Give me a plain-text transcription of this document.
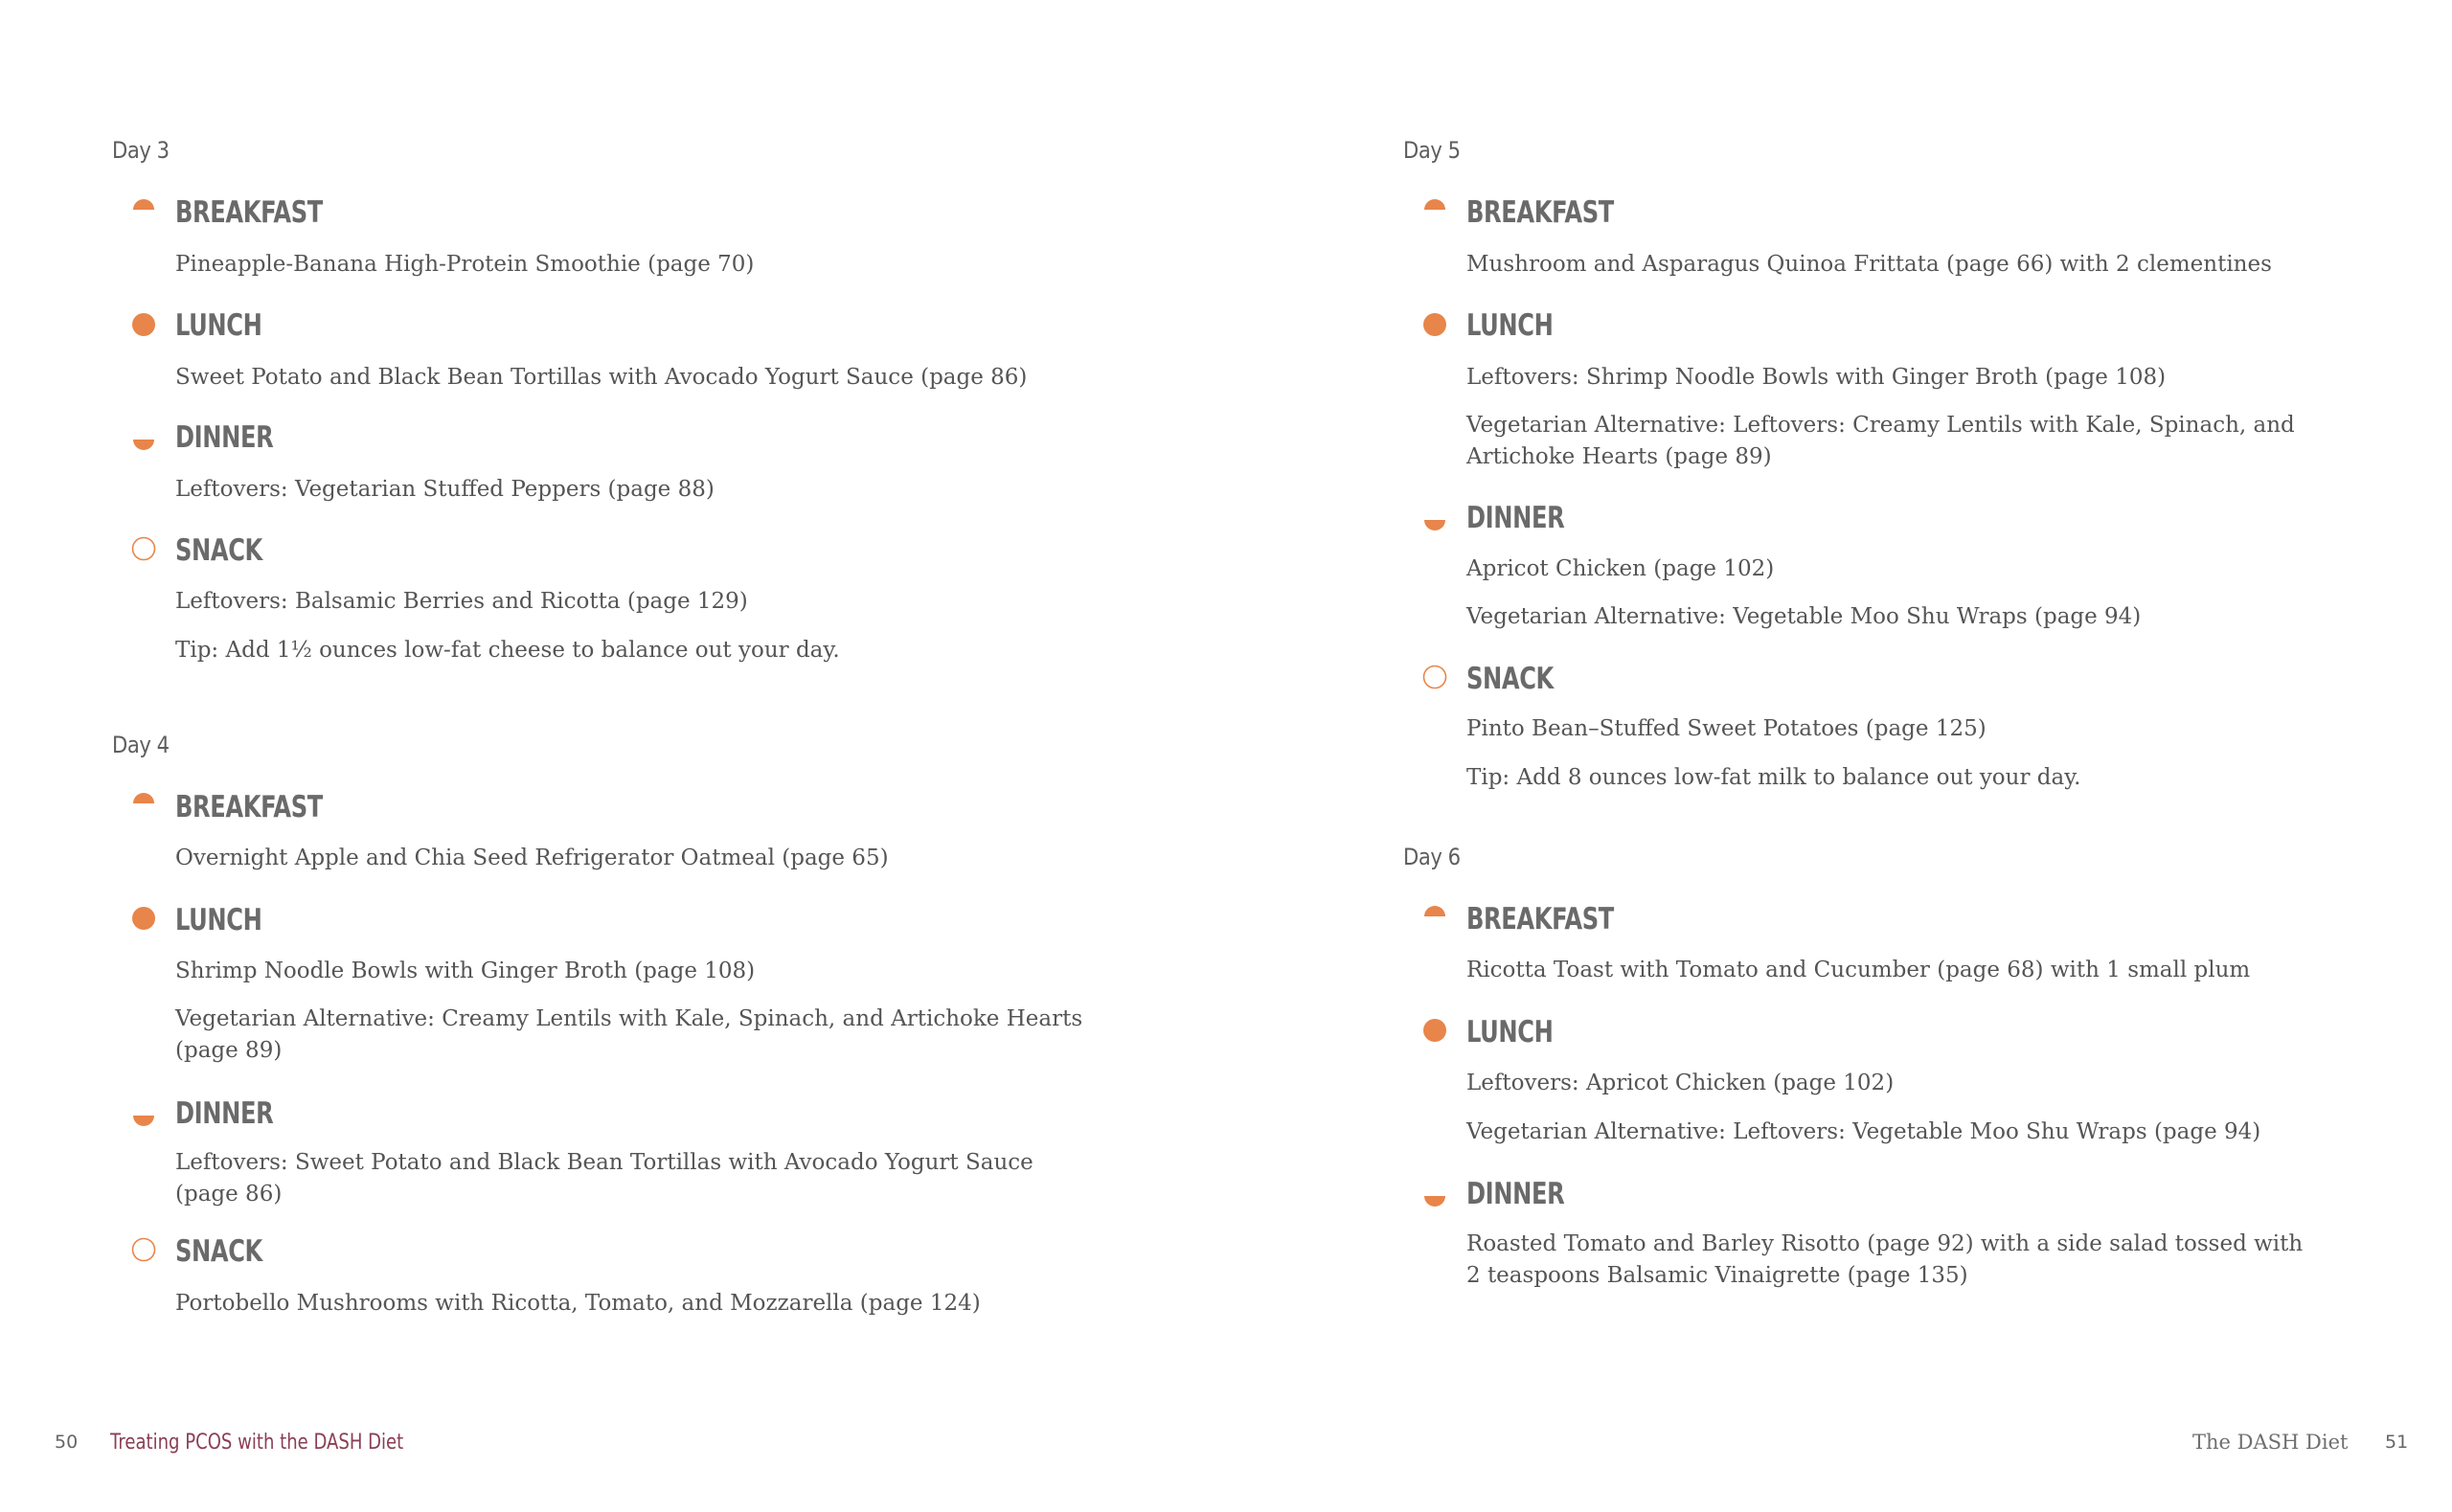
Day 3
BREAKFAST
Pineapple-Banana High-Protein Smoothie (page 70)
LUNCH
Sweet Potato and Black Bean Tortillas with Avocado Yogurt Sauce (page 86)
DINNER
Leftovers: Vegetarian Stuffed Peppers (page 88)
SNACK
Leftovers: Balsamic Berries and Ricotta (page 129)
Tip: Add 1½ ounces low-fat cheese to balance out your day.
Day 4
BREAKFAST
Overnight Apple and Chia Seed Refrigerator Oatmeal (page 65)
LUNCH
Shrimp Noodle Bowls with Ginger Broth (page 108)
Vegetarian Alternative: Creamy Lentils with Kale, Spinach, and Artichoke Hearts
(page 89)
DINNER
Leftovers: Sweet Potato and Black Bean Tortillas with Avocado Yogurt Sauce
(page 86)
SNACK
Portobello Mushrooms with Ricotta, Tomato, and Mozzarella (page 124)
Day 5
BREAKFAST
Mushroom and Asparagus Quinoa Frittata (page 66) with 2 clementines
LUNCH
Leftovers: Shrimp Noodle Bowls with Ginger Broth (page 108)
Vegetarian Alternative: Leftovers: Creamy Lentils with Kale, Spinach, and
Artichoke Hearts (page 89)
DINNER
Apricot Chicken (page 102)
Vegetarian Alternative: Vegetable Moo Shu Wraps (page 94)
SNACK
Pinto Bean–Stuffed Sweet Potatoes (page 125)
Tip: Add 8 ounces low-fat milk to balance out your day.
Day 6
BREAKFAST
Ricotta Toast with Tomato and Cucumber (page 68) with 1 small plum
LUNCH
Leftovers: Apricot Chicken (page 102)
Vegetarian Alternative: Leftovers: Vegetable Moo Shu Wraps (page 94)
DINNER
Roasted Tomato and Barley Risotto (page 92) with a side salad tossed with
2 teaspoons Balsamic Vinaigrette (page 135)
50 Treating PCOS with the DASH Diet	The DASH Diet 51
